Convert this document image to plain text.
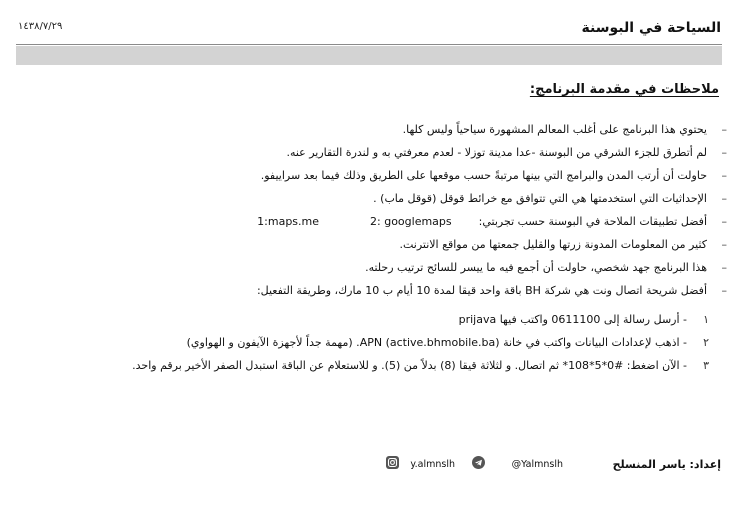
١٤٣٨/٧/٢٩	السياحة في البوسنة
ملاحظات في مقدمة البرنامج:
–
يحتوي هذا البرنامج على أغلب المعالم المشهورة سياحياً وليس كلها.
–
لم أتطرق للجزء الشرقي من البوسنة -عدا مدينة توزلا - لعدم معرفتي به و لندرة التقارير عنه.
–
حاولت أن أرتب المدن والبرامج التي بينها مرتبةً حسب موقعها على الطريق وذلك فيما بعد سراييفو.
–
الإحداثيات التي استخدمتها هي التي تتوافق مع خرائط قوقل (قوقل ماب) .
–
أفضل تطبيقات الملاحة في البوسنة حسب تجربتي:  1:maps.me	2: googlemaps
–
كثير من المعلومات المدونة زرتها والقليل جمعتها من مواقع الانترنت.
–
هذا البرنامج جهد شخصي، حاولت أن أجمع فيه ما ييسر للسائح ترتيب رحلته.
–
أفضل شريحة اتصال ونت هي شركة BH باقة واحد قيقا لمدة 10 أيام ب 10 مارك، وطريقة التفعيل:
١
- أرسل رسالة إلى 0611100 واكتب فيها prijava
٢
- اذهب لإعدادات البيانات واكتب في خانة APN (active.bhmobile.ba). (مهمة جداً لأجهزة الآيفون و الهواوي)
٣
- الآن اضغط: #0*5*108* ثم اتصال. و لثلاثة قيقا (8) بدلاً من (5). و للاستعلام عن الباقة استبدل الصفر الأخير برقم واحد.
إعداد: ياسر المنسلح
@Yalmnslh
y.almnslh
